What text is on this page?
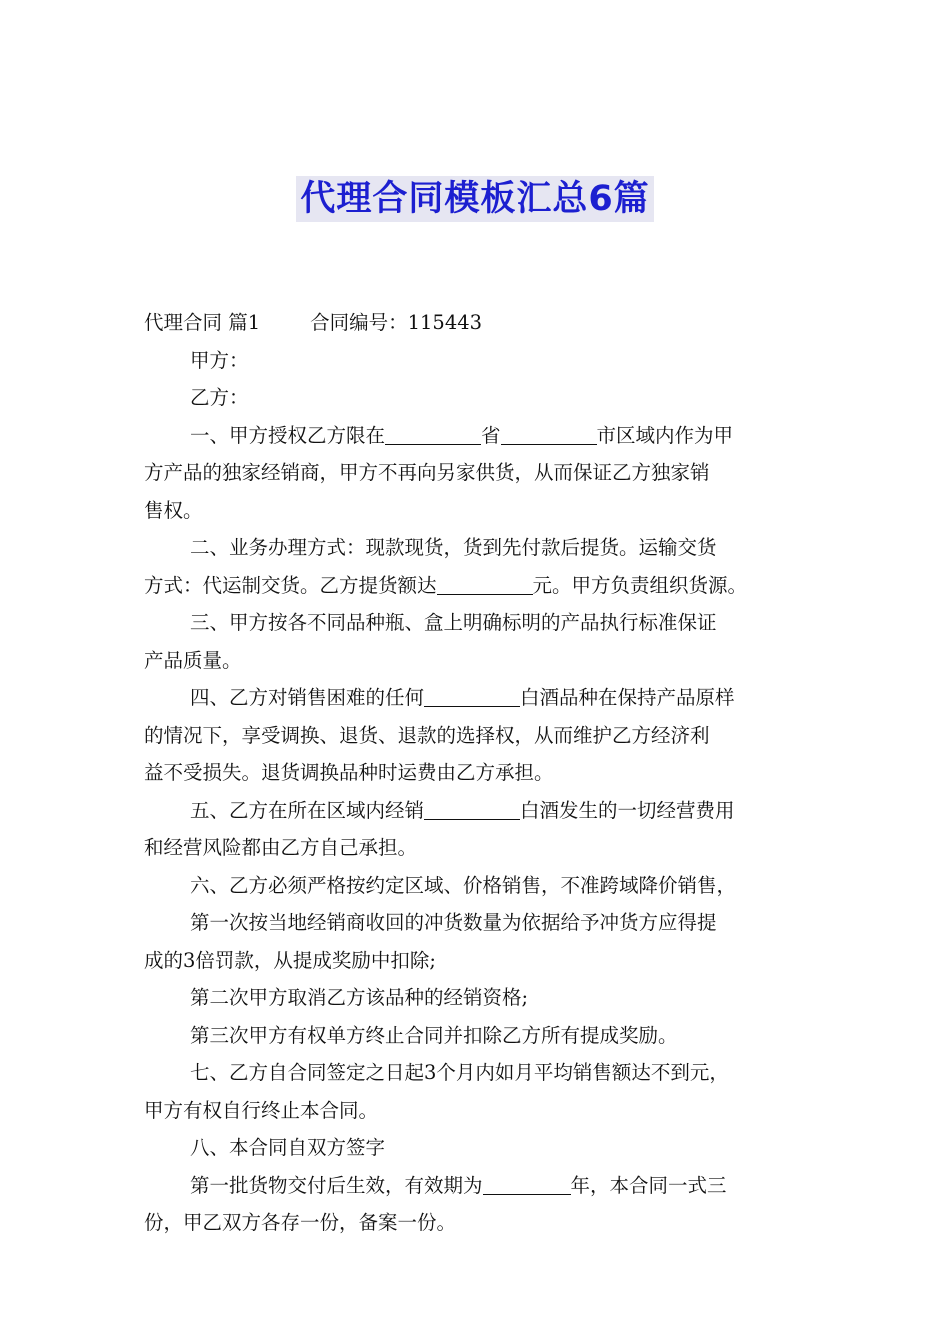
代理合同模板汇总6篇

代理合同 篇1	合同编号：115443

甲方：

乙方：

一、甲方授权乙方限在	省	市区域内作为甲

方产品的独家经销商，甲方不再向另家供货，从而保证乙方独家销

售权。

二、业务办理方式：现款现货，货到先付款后提货。运输交货

方式：代运制交货。乙方提货额达	元。甲方负责组织货源。

三、甲方按各不同品种瓶、盒上明确标明的产品执行标准保证

产品质量。

四、乙方对销售困难的任何	白酒品种在保持产品原样

的情况下，享受调换、退货、退款的选择权，从而维护乙方经济利

益不受损失。退货调换品种时运费由乙方承担。

五、乙方在所在区域内经销	白酒发生的一切经营费用

和经营风险都由乙方自己承担。

六、乙方必须严格按约定区域、价格销售，不准跨域降价销售，

第一次按当地经销商收回的冲货数量为依据给予冲货方应得提

成的3倍罚款，从提成奖励中扣除;

第二次甲方取消乙方该品种的经销资格;

第三次甲方有权单方终止合同并扣除乙方所有提成奖励。

七、乙方自合同签定之日起3个月内如月平均销售额达不到元，

甲方有权自行终止本合同。

八、本合同自双方签字

第一批货物交付后生效，有效期为	年，本合同一式三

份，甲乙双方各存一份，备案一份。
